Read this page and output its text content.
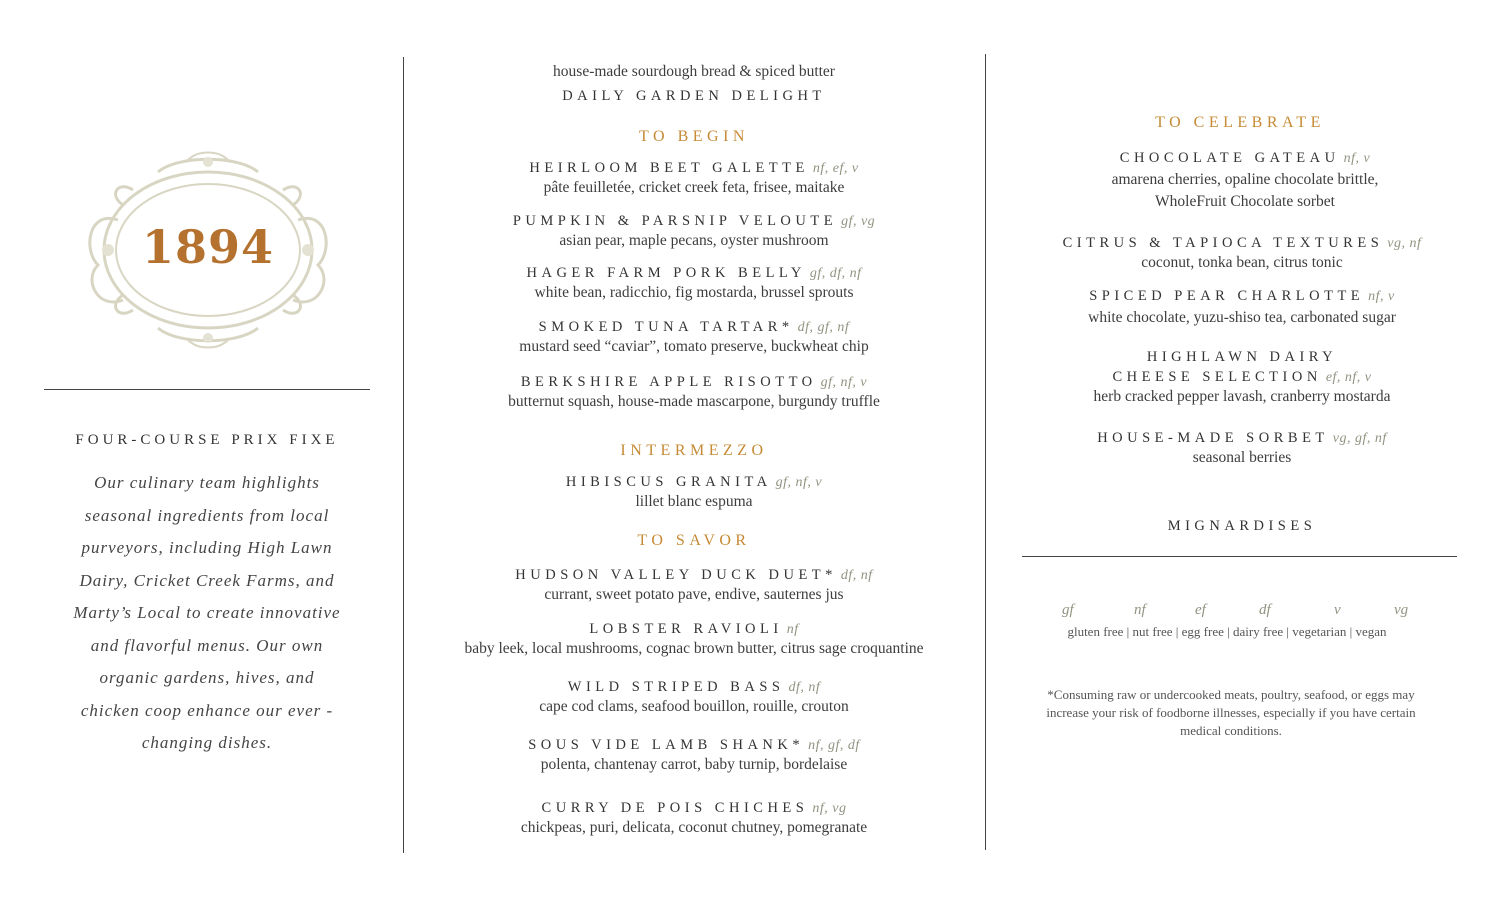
1894
FOUR-COURSE PRIX FIXE
Our culinary team highlights seasonal ingredients from local purveyors, including High Lawn Dairy, Cricket Creek Farms, and Marty’s Local to create innovative and flavorful menus. Our own organic gardens, hives, and chicken coop enhance our ever - changing dishes.
house-made sourdough bread & spiced butter
DAILY GARDEN DELIGHT
TO BEGIN
HEIRLOOM BEET GALETTE nf, ef, v
pâte feuilletée, cricket creek feta, frisee, maitake
PUMPKIN & PARSNIP VELOUTE gf, vg
asian pear, maple pecans, oyster mushroom
HAGER FARM PORK BELLY gf, df, nf
white bean, radicchio, fig mostarda, brussel sprouts
SMOKED TUNA TARTAR* df, gf, nf
mustard seed “caviar”, tomato preserve, buckwheat chip
BERKSHIRE APPLE RISOTTO gf, nf, v
butternut squash, house-made mascarpone, burgundy truffle
INTERMEZZO
HIBISCUS GRANITA gf, nf, v
lillet blanc espuma
TO SAVOR
HUDSON VALLEY DUCK DUET* df, nf
currant, sweet potato pave, endive, sauternes jus
LOBSTER RAVIOLI nf
baby leek, local mushrooms, cognac brown butter, citrus sage croquantine
WILD STRIPED BASS df, nf
cape cod clams, seafood bouillon, rouille, crouton
SOUS VIDE LAMB SHANK* nf, gf, df
polenta, chantenay carrot, baby turnip, bordelaise
CURRY DE POIS CHICHES nf, vg
chickpeas, puri, delicata, coconut chutney, pomegranate
TO CELEBRATE
CHOCOLATE GATEAU nf, v
amarena cherries, opaline chocolate brittle,
WholeFruit Chocolate sorbet
CITRUS & TAPIOCA TEXTURES vg, nf
coconut, tonka bean, citrus tonic
SPICED PEAR CHARLOTTE nf, v
white chocolate, yuzu-shiso tea, carbonated sugar
HIGHLAWN DAIRY
CHEESE SELECTION ef, nf, v
herb cracked pepper lavash, cranberry mostarda
HOUSE-MADE SORBET vg, gf, nf
seasonal berries
MIGNARDISES
gf	nf	ef	df	v	vg
gluten free | nut free | egg free | dairy free | vegetarian | vegan
*Consuming raw or undercooked meats, poultry, seafood, or eggs may increase your risk of foodborne illnesses, especially if you have certain medical conditions.
